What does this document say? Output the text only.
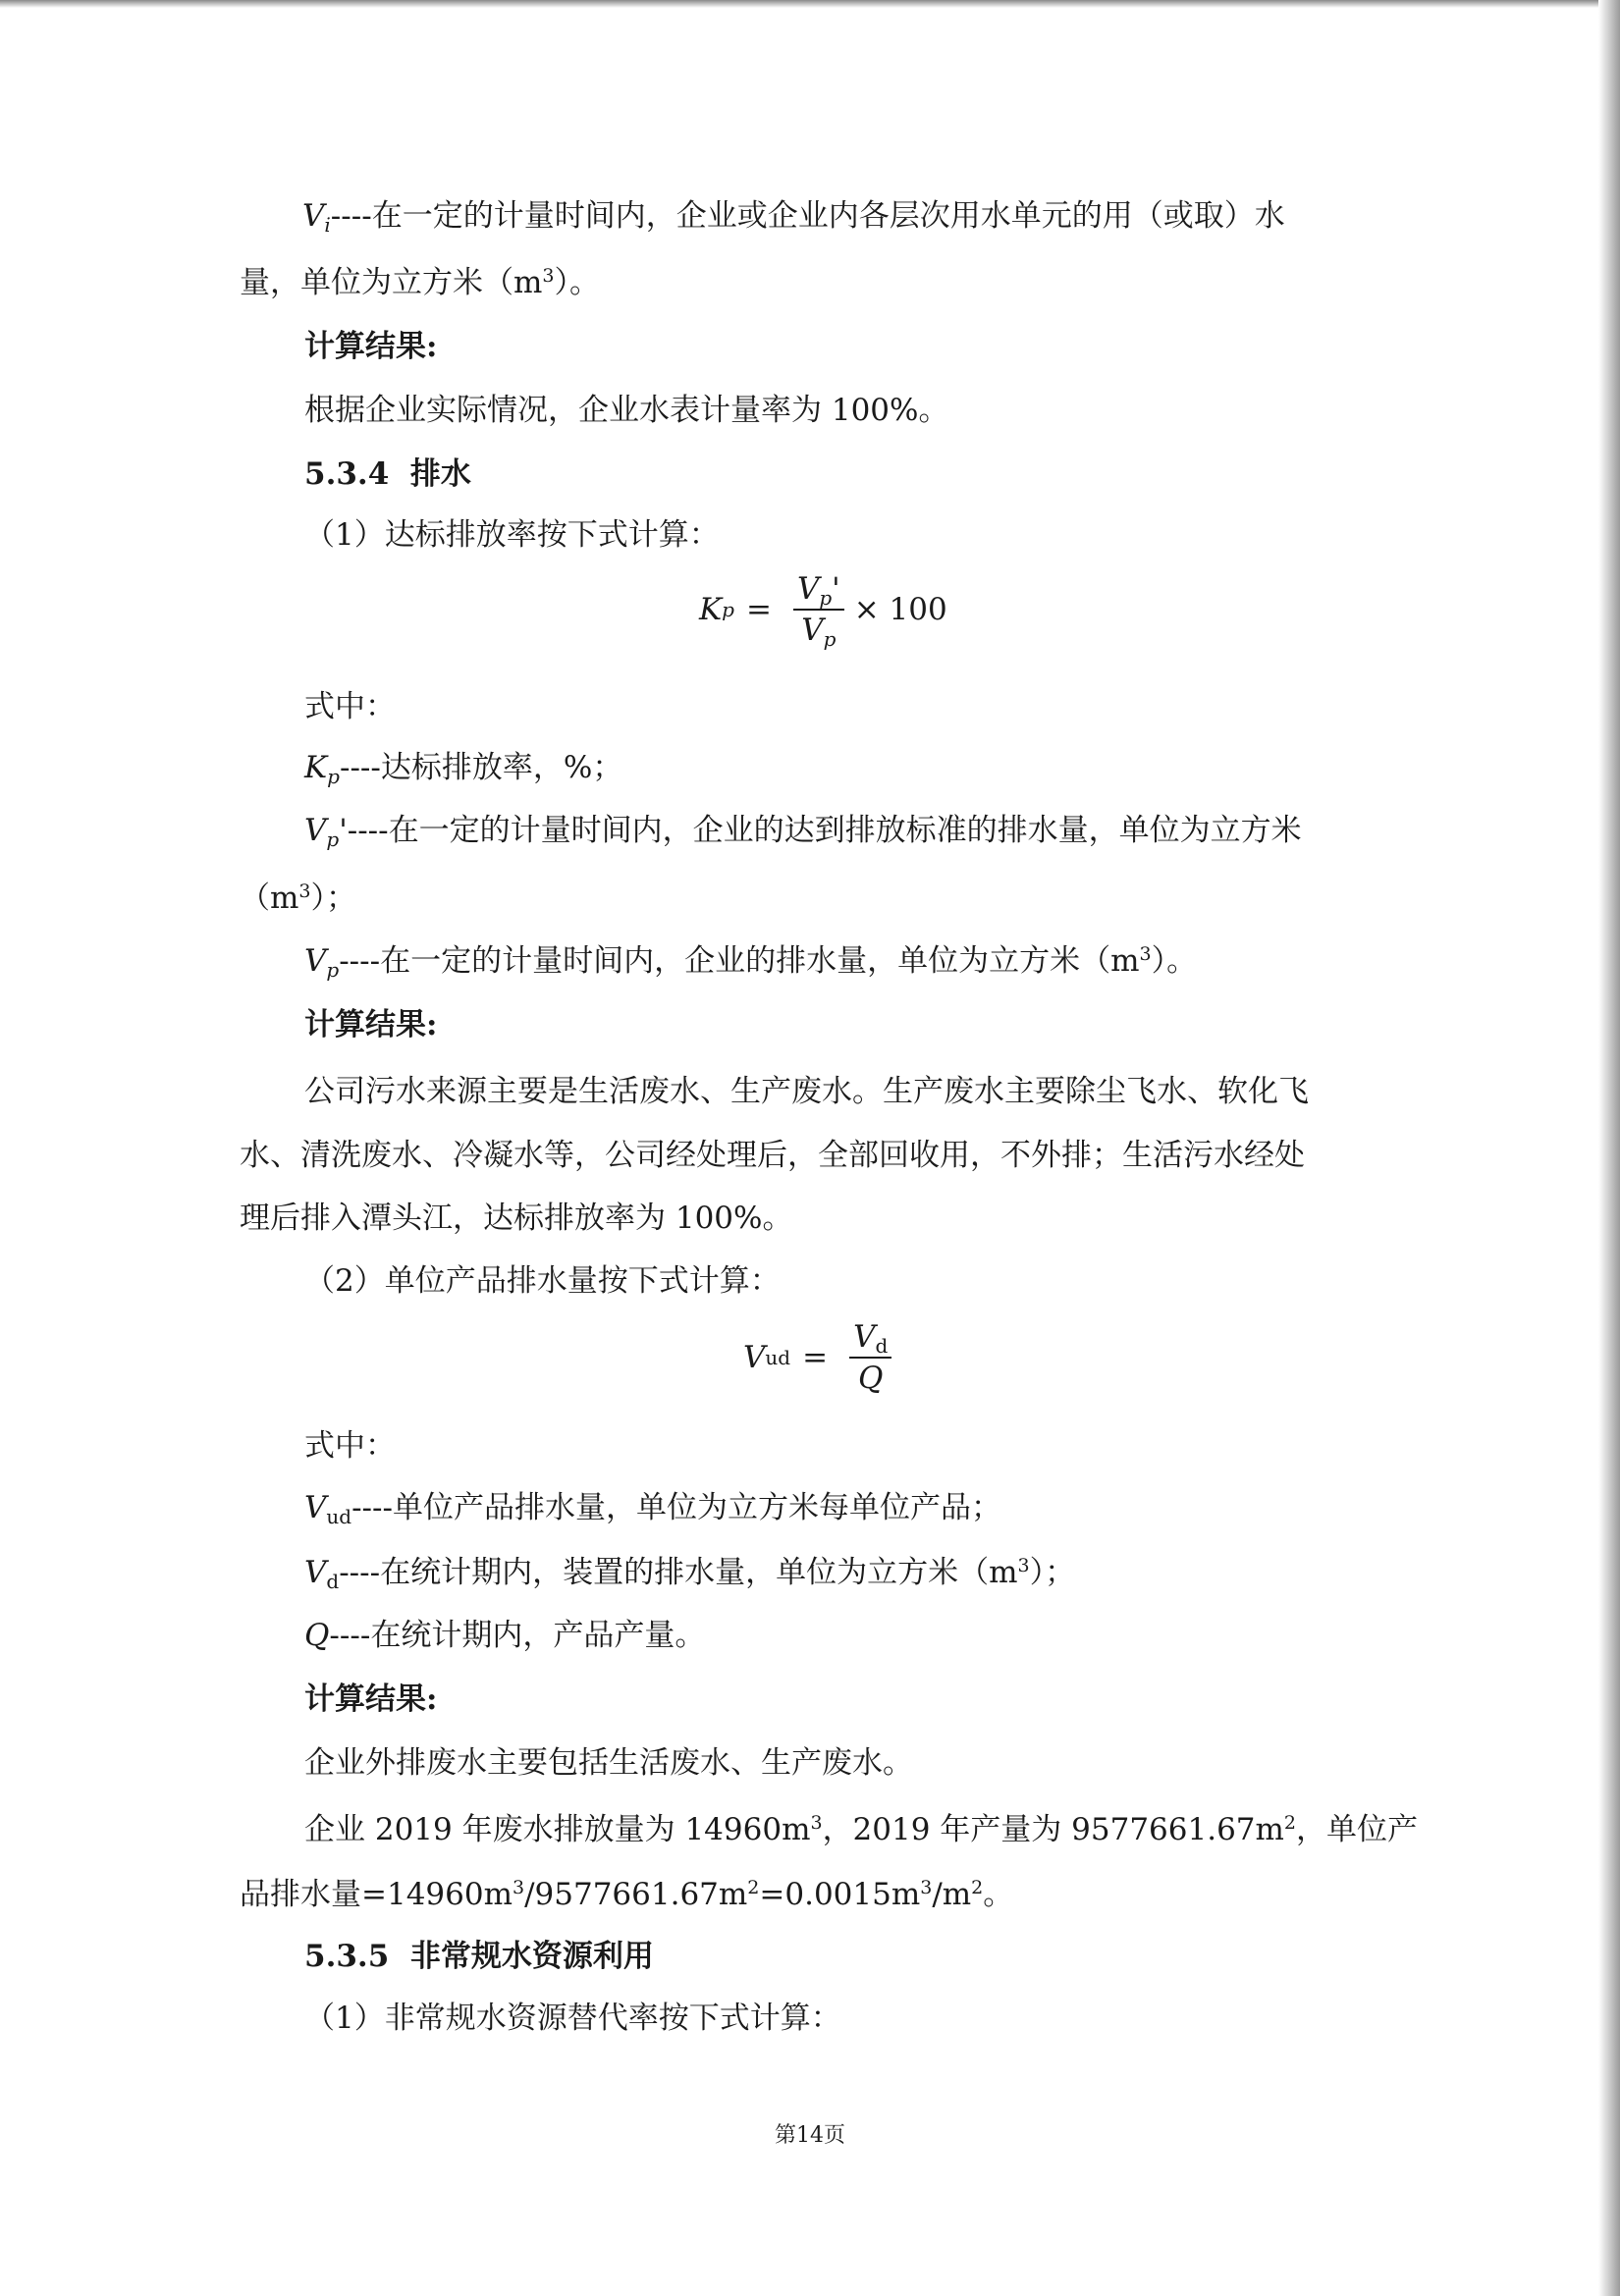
$V_i----$在一定的计量时间内，企业或企业内各层次用水单元的用（或取）水
量，单位为立方米$(m^3)$。
计算结果:
根据企业实际情况，企业水表计量率为 100%。
5.3.4 排水
（1）达标排放率按下式计算：
K $p = \frac{V_p'}{V_p} \times 100$
式中：
$K_p----$达标排放率，%；
$V_p'----$在一定的计量时间内，企业的达到排放标准的排水量，单位为立方米
$(m^3)$；
$V_p----$在一定的计量时间内，企业的排水量，单位为立方米$(m^3)$。
计算结果:
公司污水来源主要是生活废水、生产废水。生产废水主要除尘飞水、软化飞
水、清洗废水、冷凝水等，公司经处理后，全部回收用，不外排；生活污水经处
理后排入潭头江，达标排放率为 100%。
（2）单位产品排水量按下式计算：
V ud = $\frac{V_d}{Q}$
式中：
$V_{ud}----$单位产品排水量，单位为立方米每单位产品；
$V_d----$在统计期内，装置的排水量，单位为立方米$(m^3)$；
Q----在统计期内，产品产量。
计算结果:
企业外排废水主要包括生活废水、生产废水。
企业 2019 年废水排放量为 $14960m^3$，2019 年产量为 $9577661.67m^2$，单位产
品排水量$=14960m^3/9577661.67m^2=0.0015m^3/m^2$。
5.3.5 非常规水资源利用
（1）非常规水资源替代率按下式计算：
第14页
